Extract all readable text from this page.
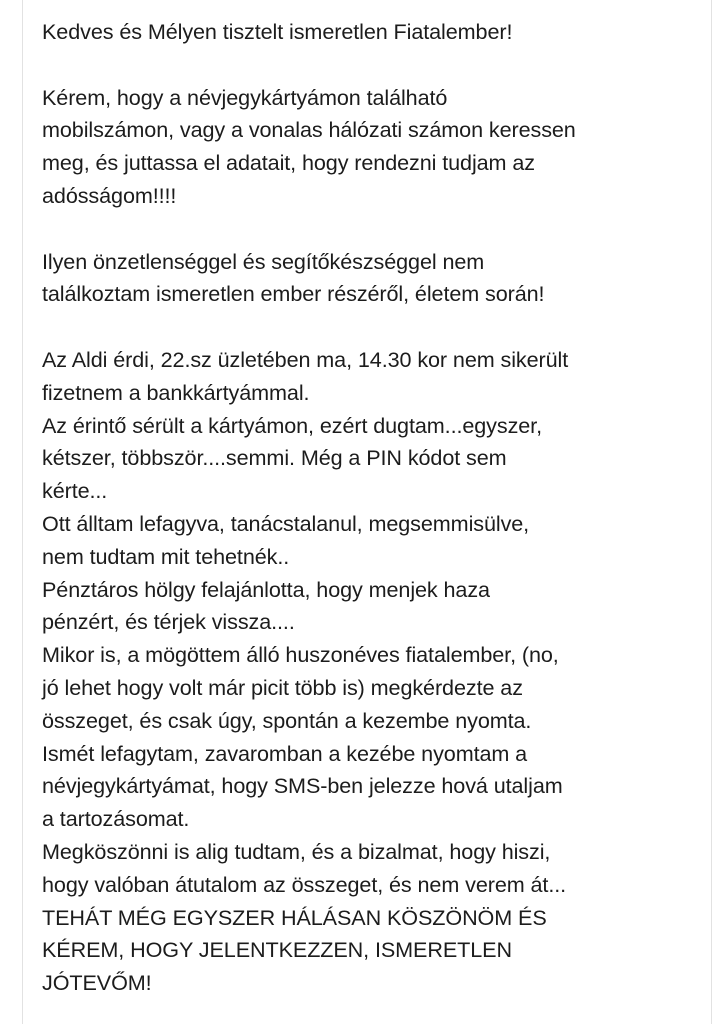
Kedves és Mélyen tisztelt ismeretlen Fiatalember!
Kérem, hogy a névjegykártyámon található
mobilszámon, vagy a vonalas hálózati számon keressen
meg, és juttassa el adatait, hogy rendezni tudjam az
adósságom!!!!
Ilyen önzetlenséggel és segítőkészséggel nem
találkoztam ismeretlen ember részéről, életem során!
Az Aldi érdi, 22.sz üzletében ma, 14.30 kor nem sikerült
fizetnem a bankkártyámmal.
Az érintő sérült a kártyámon, ezért dugtam...egyszer,
kétszer, többször....semmi. Még a PIN kódot sem
kérte...
Ott álltam lefagyva, tanácstalanul, megsemmisülve,
nem tudtam mit tehetnék..
Pénztáros hölgy felajánlotta, hogy menjek haza
pénzért, és térjek vissza....
Mikor is, a mögöttem álló huszonéves fiatalember, (no,
jó lehet hogy volt már picit több is) megkérdezte az
összeget, és csak úgy, spontán a kezembe nyomta.
Ismét lefagytam, zavaromban a kezébe nyomtam a
névjegykártyámat, hogy SMS-ben jelezze hová utaljam
a tartozásomat.
Megköszönni is alig tudtam, és a bizalmat, hogy hiszi,
hogy valóban átutalom az összeget, és nem verem át...
TEHÁT MÉG EGYSZER HÁLÁSAN KÖSZÖNÖM ÉS
KÉREM, HOGY JELENTKEZZEN, ISMERETLEN
JÓTEVŐM!
